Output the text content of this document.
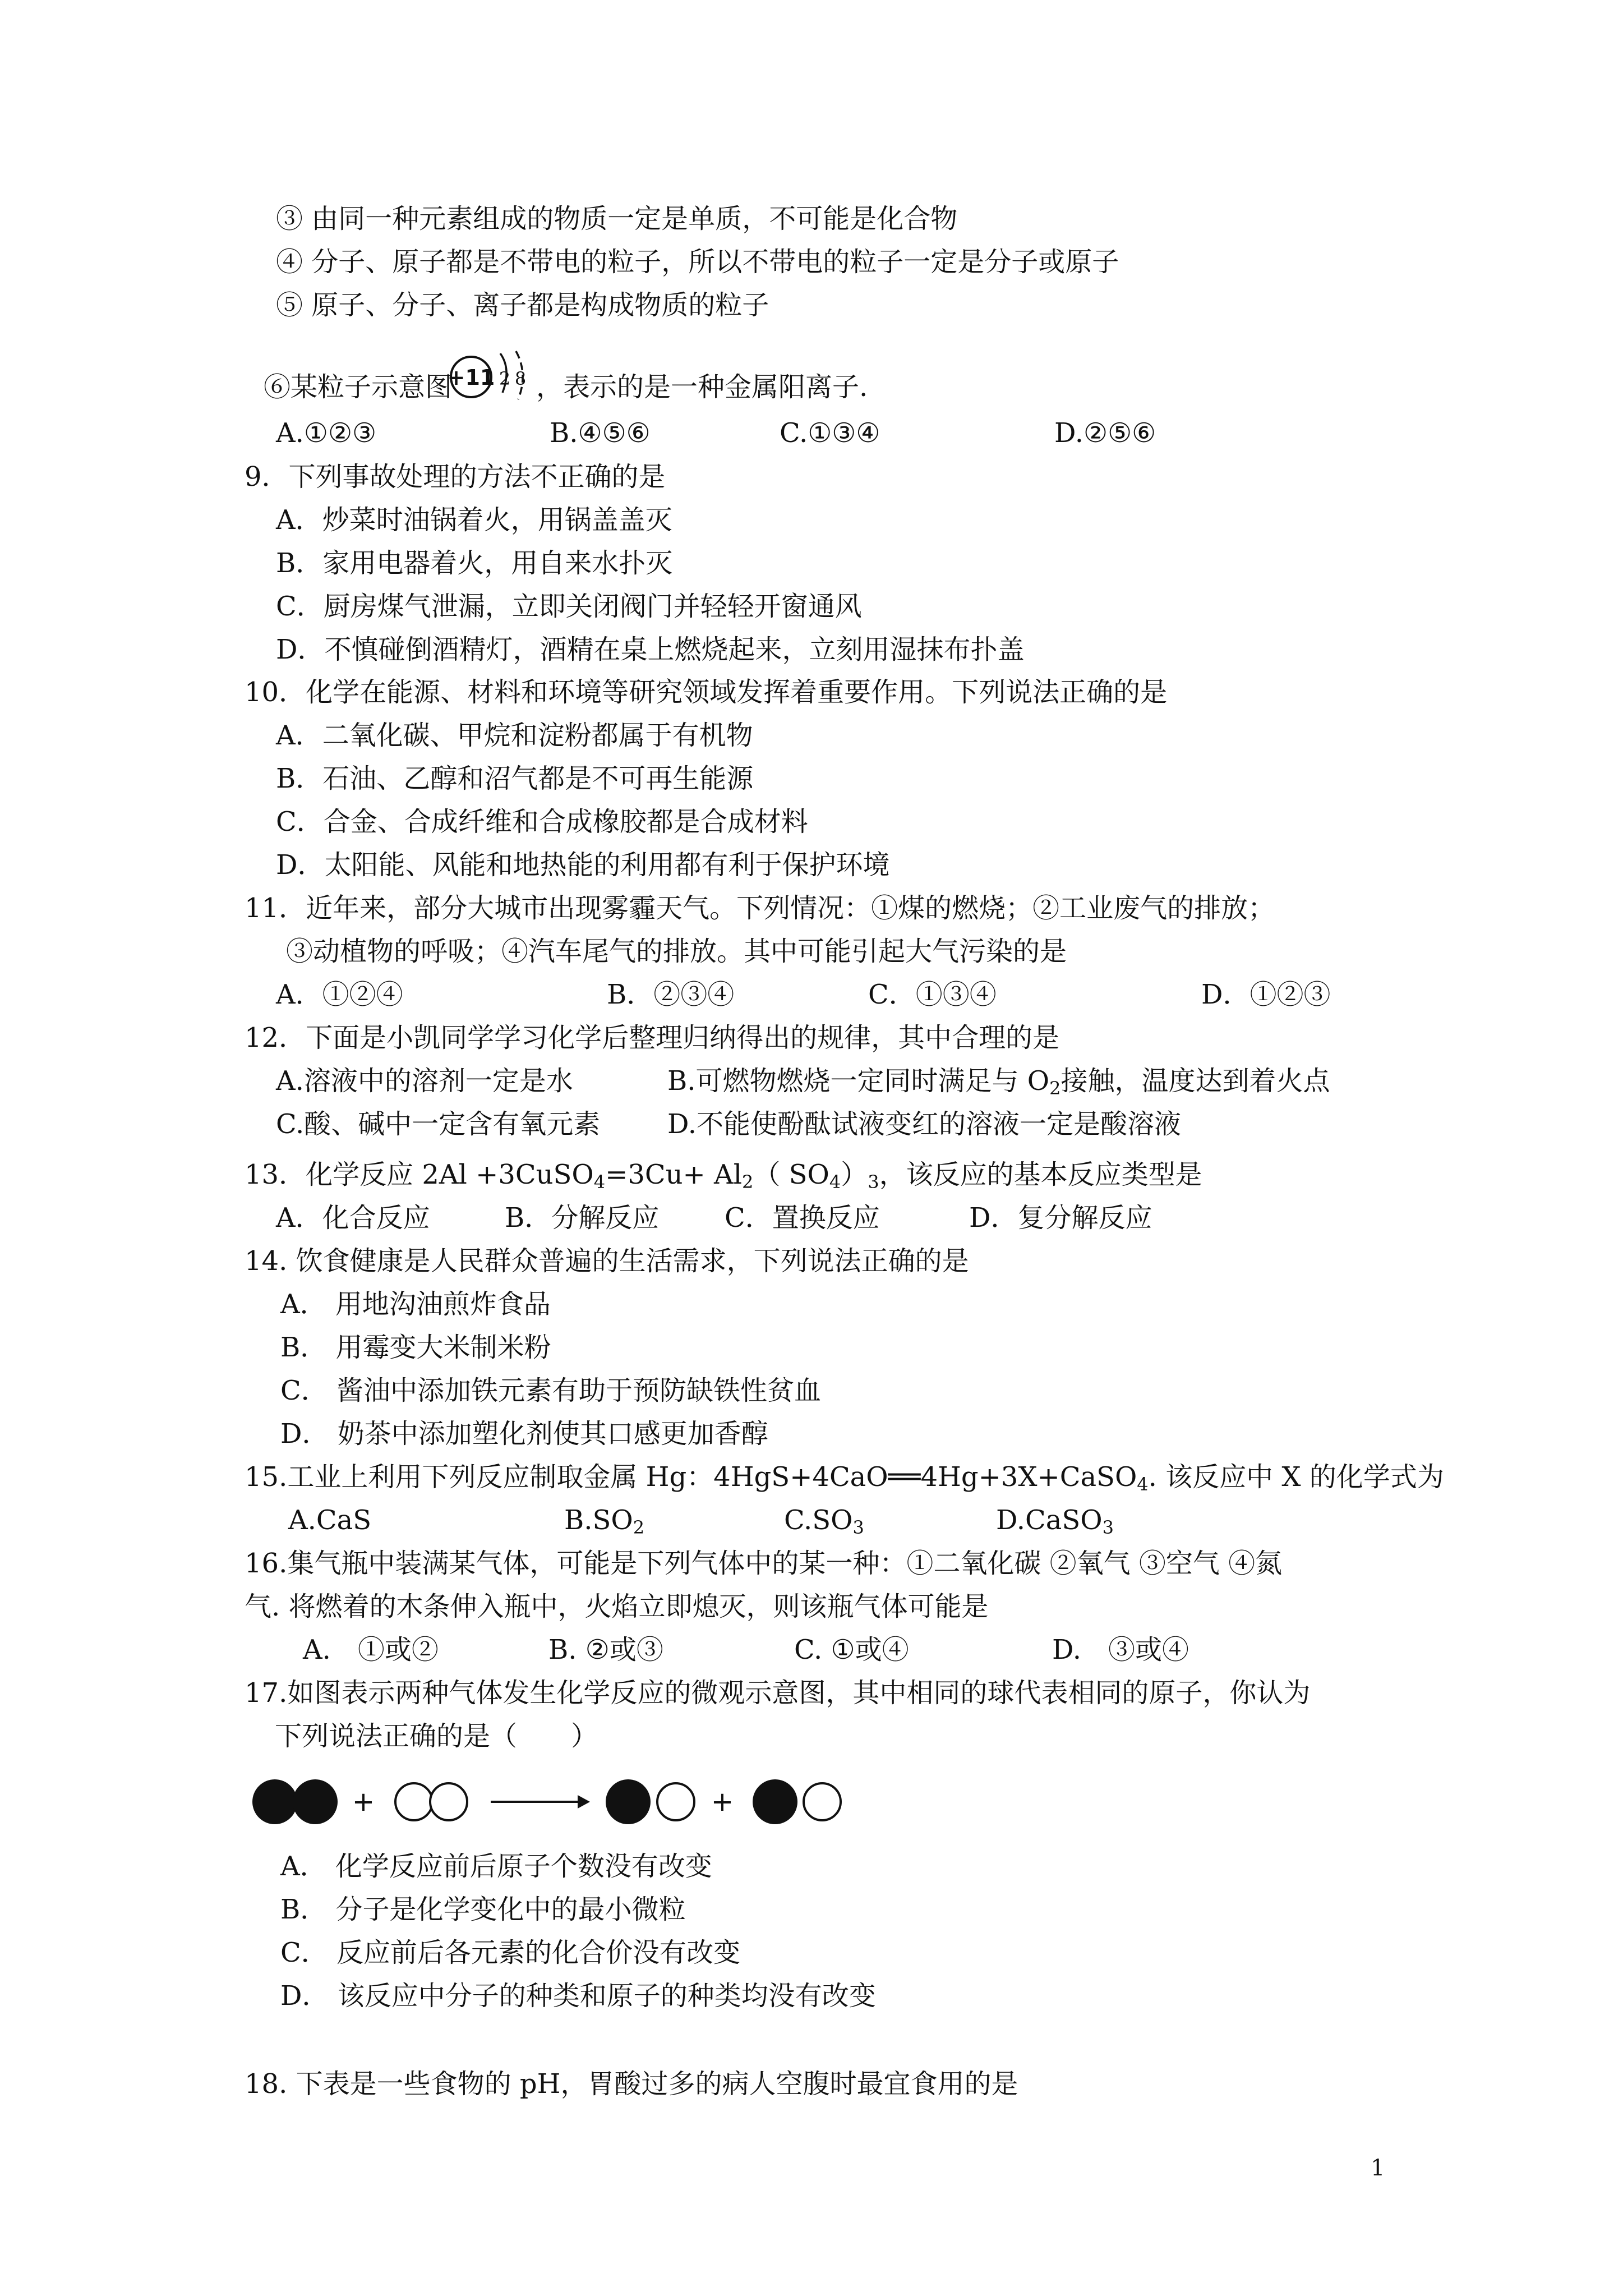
③ 由同一种元素组成的物质一定是单质，不可能是化合物
④ 分子、原子都是不带电的粒子，所以不带电的粒子一定是分子或原子
⑤ 原子、分子、离子都是构成物质的粒子
⑥某粒子示意图
+11 2 8 ，表示的是一种金属阳离子.
A.①②③	B.④⑤⑥	C.①③④	D.②⑤⑥
9．下列事故处理的方法不正确的是
A．炒菜时油锅着火，用锅盖盖灭
B．家用电器着火，用自来水扑灭
C．厨房煤气泄漏，立即关闭阀门并轻轻开窗通风
D．不慎碰倒酒精灯，酒精在桌上燃烧起来，立刻用湿抹布扑盖
10．化学在能源、材料和环境等研究领域发挥着重要作用。下列说法正确的是
A．二氧化碳、甲烷和淀粉都属于有机物
B．石油、乙醇和沼气都是不可再生能源
C．合金、合成纤维和合成橡胶都是合成材料
D．太阳能、风能和地热能的利用都有利于保护环境
11．近年来，部分大城市出现雾霾天气。下列情况：①煤的燃烧；②工业废气的排放；
③动植物的呼吸；④汽车尾气的排放。其中可能引起大气污染的是
A．①②④	B．②③④	C．①③④	D．①②③
12．下面是小凯同学学习化学后整理归纳得出的规律，其中合理的是
A.溶液中的溶剂一定是水	B.可燃物燃烧一定同时满足与 $O_2$接触，温度达到着火点
C.酸、碱中一定含有氧元素 D.不能使酚酞试液变红的溶液一定是酸溶液
13．化学反应 2Al +3CuSO$_4$=3Cu+ $Al_2$（ $SO_4)_3$，该反应的基本反应类型是
A．化合反应	B．分解反应 C．置换反应	D．复分解反应
14. 饮食健康是人民群众普遍的生活需求，下列说法正确的是
A． 用地沟油煎炸食品
B． 用霉变大米制米粉
C． 酱油中添加铁元素有助于预防缺铁性贫血
D． 奶茶中添加塑化剂使其口感更加香醇
15.工业上利用下列反应制取金属 Hg：4HgS+4CaO══4Hg+3X+CaSO$_4$. 该反应中 X 的化学式为
A.CaS	$B.SO_2$	$C.SO_3$	D.CaSO$_3$
16.集气瓶中装满某气体，可能是下列气体中的某一种：①二氧化碳 ②氧气 ③空气 ④氮
气. 将燃着的木条伸入瓶中，火焰立即熄灭，则该瓶气体可能是
A.　①或②	B. ②或③	C. ①或④	D.　③或④
17.如图表示两种气体发生化学反应的微观示意图，其中相同的球代表相同的原子，你认为
下列说法正确的是（　　）
+	+
A． 化学反应前后原子个数没有改变
B． 分子是化学变化中的最小微粒
C． 反应前后各元素的化合价没有改变
D． 该反应中分子的种类和原子的种类均没有改变
18. 下表是一些食物的 pH，胃酸过多的病人空腹时最宜食用的是
1
